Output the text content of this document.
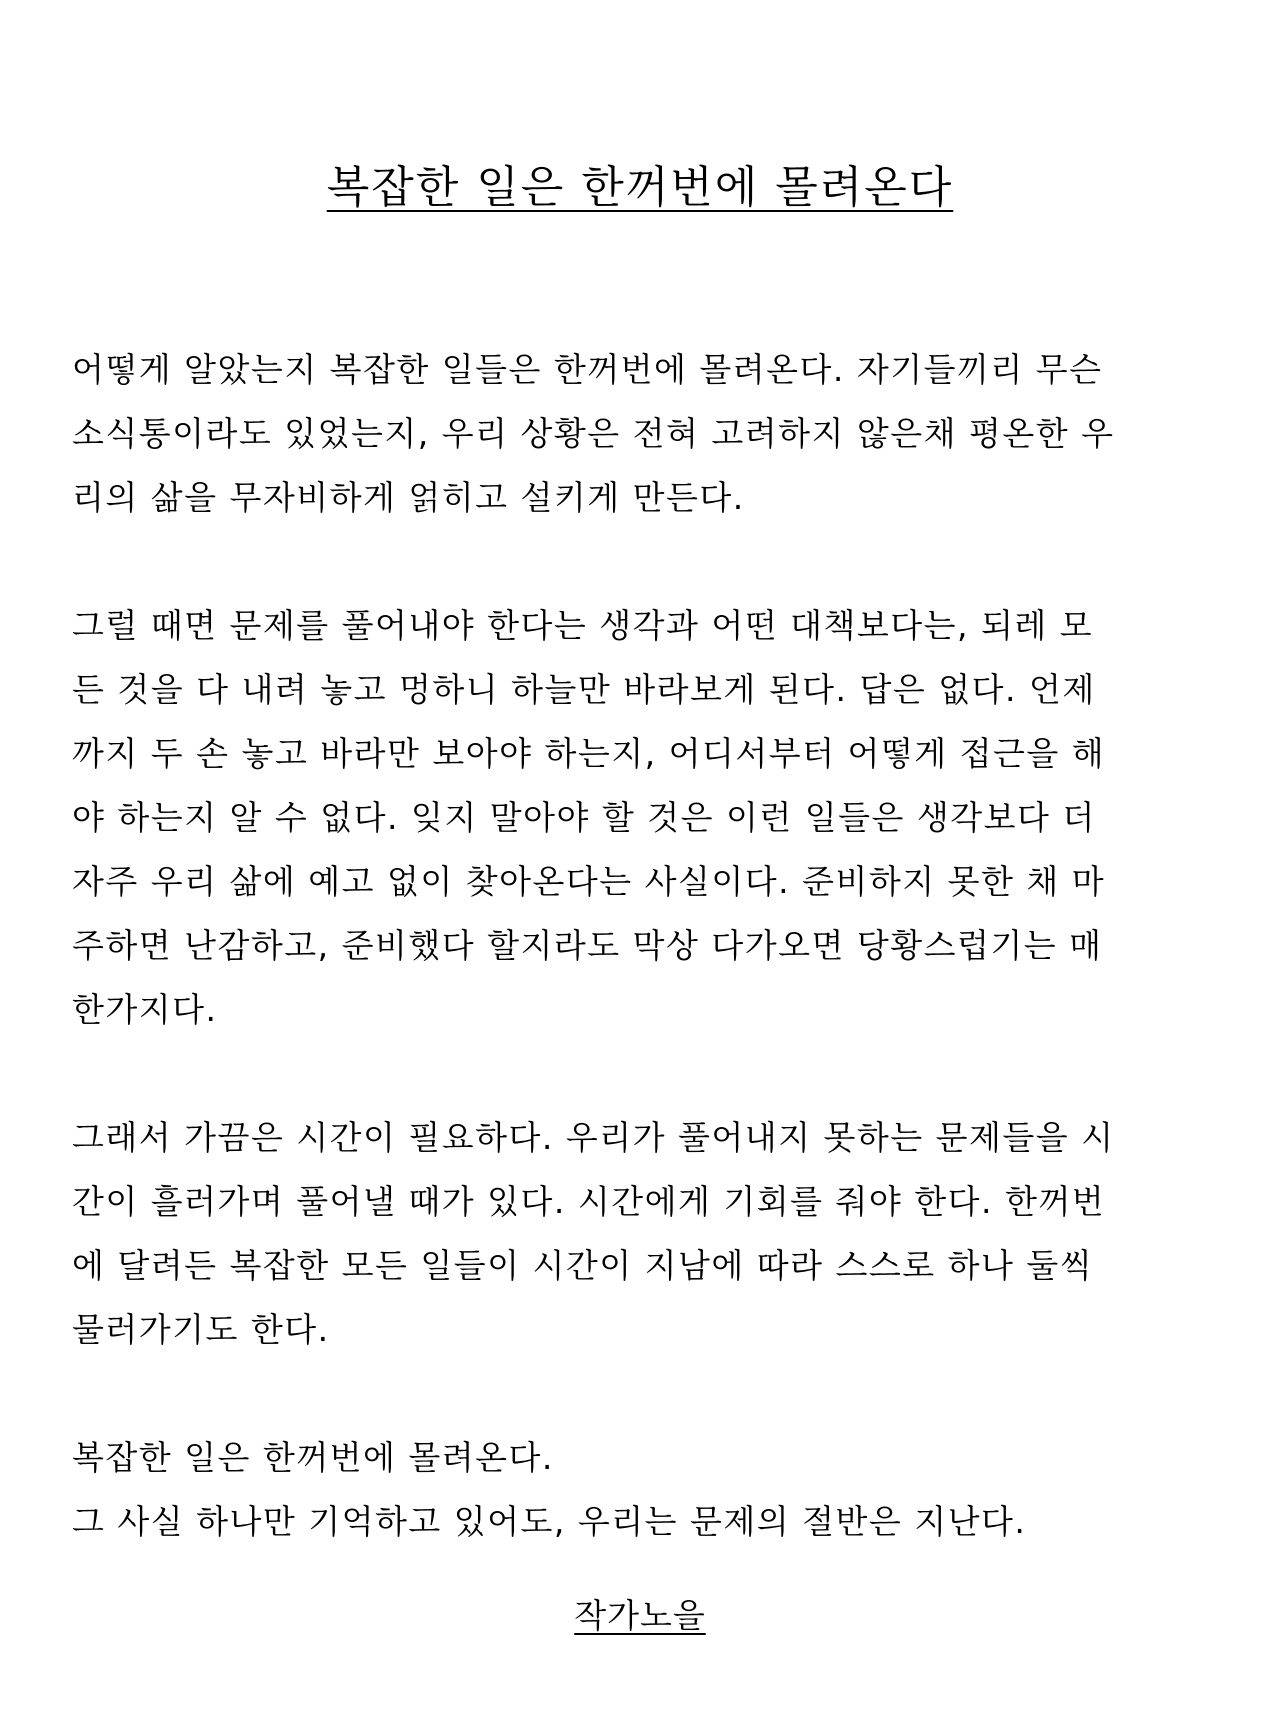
복잡한 일은 한꺼번에 몰려온다
어떻게 알았는지 복잡한 일들은 한꺼번에 몰려온다. 자기들끼리 무슨
소식통이라도 있었는지, 우리 상황은 전혀 고려하지 않은채 평온한 우
리의 삶을 무자비하게 얽히고 설키게 만든다.
그럴 때면 문제를 풀어내야 한다는 생각과 어떤 대책보다는, 되레 모
든 것을 다 내려 놓고 멍하니 하늘만 바라보게 된다. 답은 없다. 언제
까지 두 손 놓고 바라만 보아야 하는지, 어디서부터 어떻게 접근을 해
야 하는지 알 수 없다. 잊지 말아야 할 것은 이런 일들은 생각보다 더
자주 우리 삶에 예고 없이 찾아온다는 사실이다. 준비하지 못한 채 마
주하면 난감하고, 준비했다 할지라도 막상 다가오면 당황스럽기는 매
한가지다.
그래서 가끔은 시간이 필요하다. 우리가 풀어내지 못하는 문제들을 시
간이 흘러가며 풀어낼 때가 있다. 시간에게 기회를 줘야 한다. 한꺼번
에 달려든 복잡한 모든 일들이 시간이 지남에 따라 스스로 하나 둘씩
물러가기도 한다.
복잡한 일은 한꺼번에 몰려온다.
그 사실 하나만 기억하고 있어도, 우리는 문제의 절반은 지난다.
작가노을
